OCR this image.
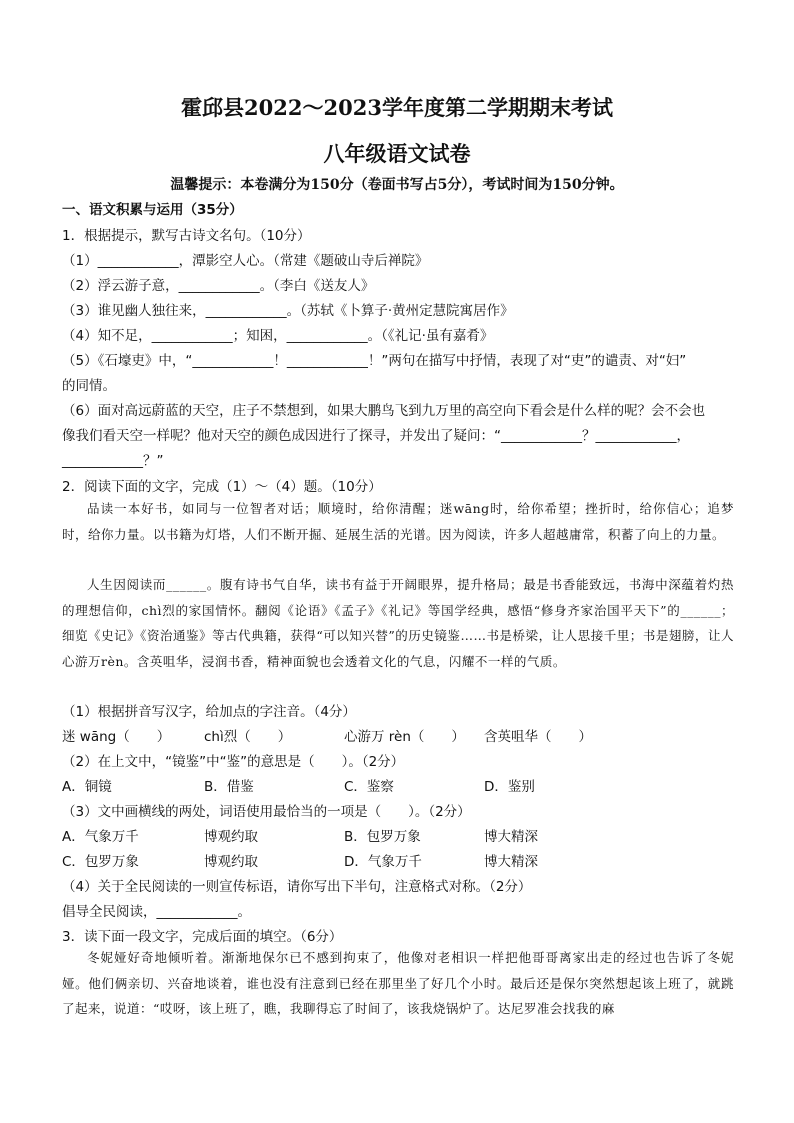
霍邱县2022～2023学年度第二学期期末考试
八年级语文试卷
温馨提示：本卷满分为150分（卷面书写占5分），考试时间为150分钟。
一、语文积累与运用（35分）
1．根据提示，默写古诗文名句。（10分）
（1）____________，潭影空人心。（常建《题破山寺后禅院》
（2）浮云游子意，____________。（李白《送友人》
（3）谁见幽人独往来，____________。（苏轼《卜算子·黄州定慧院寓居作》
（4）知不足，____________；知困，____________。（《礼记·虽有嘉肴》
（5）《石壕吏》中，“____________！____________！”两句在描写中抒情，表现了对“吏”的谴责、对“妇”
的同情。
（6）面对高远蔚蓝的天空，庄子不禁想到，如果大鹏鸟飞到九万里的高空向下看会是什么样的呢？会不会也
像我们看天空一样呢？他对天空的颜色成因进行了探寻，并发出了疑问：“____________？____________，
____________？”
2．阅读下面的文字，完成（1）～（4）题。（10分）
品读一本好书，如同与一位智者对话；顺境时，给你清醒；迷wāng时，给你希望；挫折时，给你信心；追梦时，给你力量。以书籍为灯塔，人们不断开掘、延展生活的光谱。因为阅读，许多人超越庸常，积蓄了向上的力量。
人生因阅读而______。腹有诗书气自华，读书有益于开阔眼界，提升格局；最是书香能致远，书海中深蕴着灼热的理想信仰，chì烈的家国情怀。翻阅《论语》《孟子》《礼记》等国学经典，感悟“修身齐家治国平天下”的______；细览《史记》《资治通鉴》等古代典籍，获得“可以知兴替”的历史镜鉴……书是桥梁，让人思接千里；书是翅膀，让人心游万rèn。含英咀华，浸润书香，精神面貌也会透着文化的气息，闪耀不一样的气质。
（1）根据拼音写汉字，给加点的字注音。（4分）
迷 wāng（　　）	chì烈（　　）	心游万 rèn（　　） 含英咀华（　　）
（2）在上文中，“镜鉴”中“鉴”的意思是（　　）。（2分）
A．铜镜	B．借鉴	C．鉴察	D．鉴别
（3）文中画横线的两处，词语使用最恰当的一项是（　　）。（2分）
A．气象万千	博观约取	B．包罗万象	博大精深
C．包罗万象	博观约取	D．气象万千	博大精深
（4）关于全民阅读的一则宣传标语，请你写出下半句，注意格式对称。（2分）
倡导全民阅读，____________。
3．读下面一段文字，完成后面的填空。（6分）
冬妮娅好奇地倾听着。渐渐地保尔已不感到拘束了，他像对老相识一样把他哥哥离家出走的经过也告诉了冬妮娅。他们俩亲切、兴奋地谈着，谁也没有注意到已经在那里坐了好几个小时。最后还是保尔突然想起该上班了，就跳了起来，说道：“哎呀，该上班了，瞧，我聊得忘了时间了，该我烧锅炉了。达尼罗准会找我的麻
